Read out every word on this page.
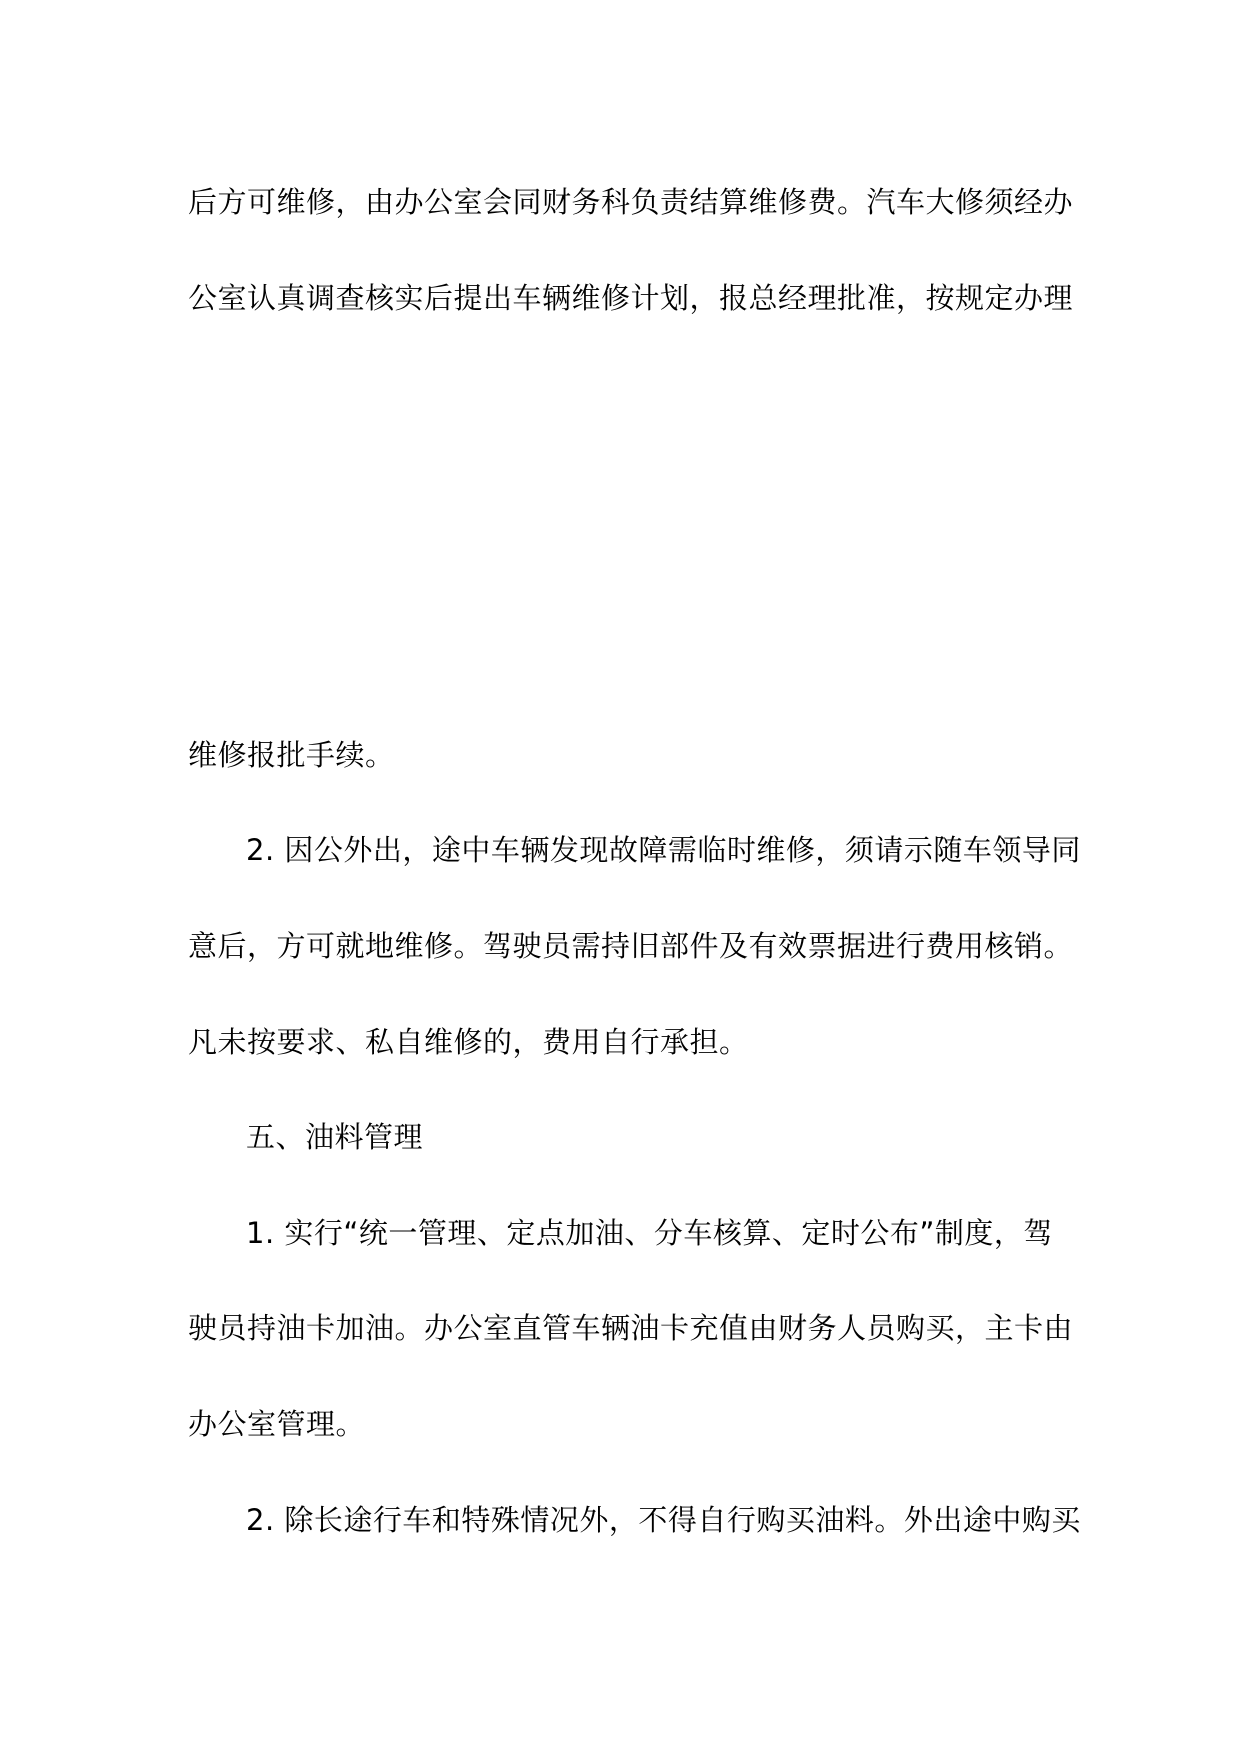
后方可维修，由办公室会同财务科负责结算维修费。汽车大修须经办
公室认真调查核实后提出车辆维修计划，报总经理批准，按规定办理
维修报批手续。
2. 因公外出，途中车辆发现故障需临时维修，须请示随车领导同
意后，方可就地维修。驾驶员需持旧部件及有效票据进行费用核销。
凡未按要求、私自维修的，费用自行承担。
五、油料管理
1. 实行“统一管理、定点加油、分车核算、定时公布”制度，驾
驶员持油卡加油。办公室直管车辆油卡充值由财务人员购买，主卡由
办公室管理。
2. 除长途行车和特殊情况外，不得自行购买油料。外出途中购买
